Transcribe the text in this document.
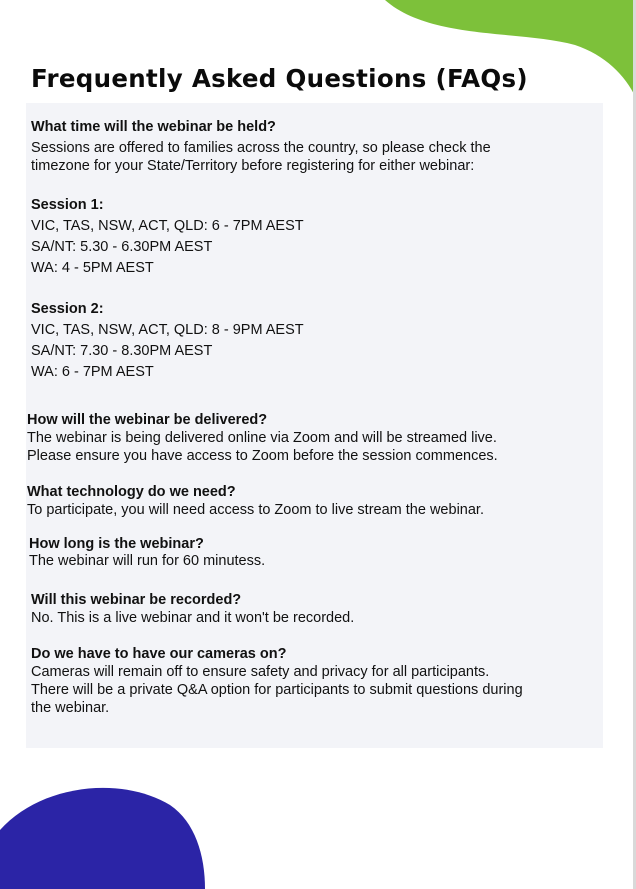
Frequently Asked Questions (FAQs)

What time will the webinar be held?

Sessions are offered to families across the country, so please check the
timezone for your State/Territory before registering for either webinar:

Session 1:
VIC, TAS, NSW, ACT, QLD: 6 - 7PM AEST
SA/NT: 5.30 - 6.30PM AEST
WA: 4 - 5PM AEST
Session 2:
VIC, TAS, NSW, ACT, QLD: 8 - 9PM AEST
SA/NT: 7.30 - 8.30PM AEST
WA: 6 - 7PM AEST

How will the webinar be delivered?

The webinar is being delivered online via Zoom and will be streamed live.
Please ensure you have access to Zoom before the session commences.

What technology do we need?

To participate, you will need access to Zoom to live stream the webinar.

How long is the webinar?

The webinar will run for 60 minutess.

Will this webinar be recorded?

No. This is a live webinar and it won't be recorded.

Do we have to have our cameras on?

Cameras will remain off to ensure safety and privacy for all participants.
There will be a private Q&A option for participants to submit questions during
the webinar.
